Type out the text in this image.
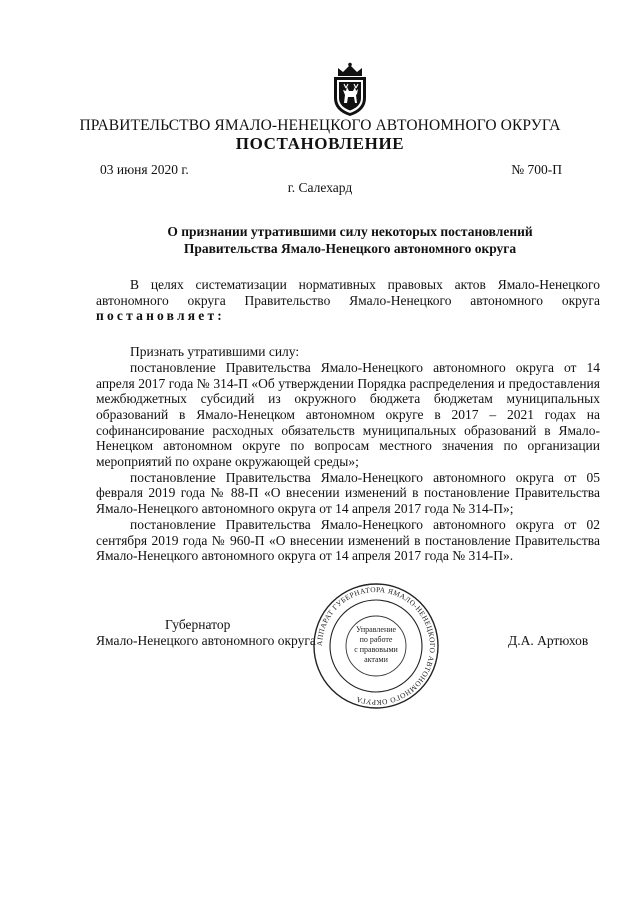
ПРАВИТЕЛЬСТВО ЯМАЛО-НЕНЕЦКОГО АВТОНОМНОГО ОКРУГА
ПОСТАНОВЛЕНИЕ
03 июня 2020 г.	№ 700-П
г. Салехард
О признании утратившими силу некоторых постановлений
Правительства Ямало-Ненецкого автономного округа

В целях систематизации нормативных правовых актов Ямало-Ненецкого автономного округа Правительство Ямало-Ненецкого автономного округа постановляет:

Признать утратившими силу:

постановление Правительства Ямало-Ненецкого автономного округа от 14 апреля 2017 года № 314-П «Об утверждении Порядка распределения и предоставления межбюджетных субсидий из окружного бюджета бюджетам муниципальных образований в Ямало-Ненецком автономном округе в 2017 – 2021 годах на софинансирование расходных обязательств муниципальных образований в Ямало-Ненецком автономном округе по вопросам местного значения по организации мероприятий по охране окружающей среды»;

постановление Правительства Ямало-Ненецкого автономного округа от 05 февраля 2019 года № 88-П «О внесении изменений в постановление Правительства Ямало-Ненецкого автономного округа от 14 апреля 2017 года № 314-П»;

постановление Правительства Ямало-Ненецкого автономного округа от 02 сентября 2019 года № 960-П «О внесении изменений в постановление Правительства Ямало-Ненецкого автономного округа от 14 апреля 2017 года № 314-П».

Губернатор
Ямало-Ненецкого автономного округа	Д.А. Артюхов
АППАРАТ ГУБЕРНАТОРА ЯМАЛО-НЕНЕЦКОГО АВТОНОМНОГО ОКРУГА
Управление
по работе
с правовыми
актами
